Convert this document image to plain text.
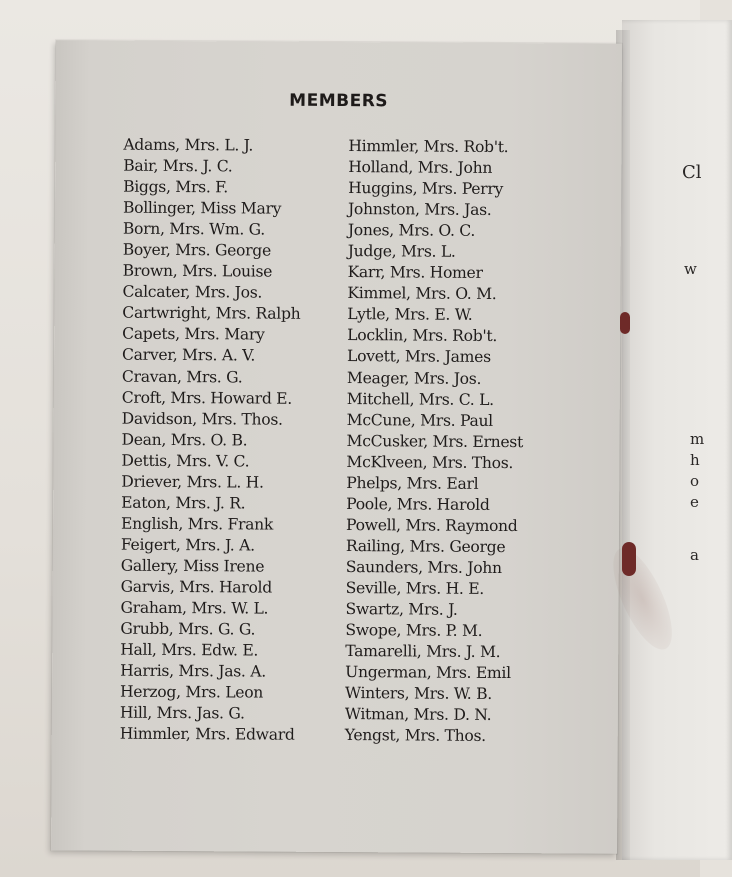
Cl
w
m
h
o
e
a
MEMBERS
Adams, Mrs. L. J.
Bair, Mrs. J. C.
Biggs, Mrs. F.
Bollinger, Miss Mary
Born, Mrs. Wm. G.
Boyer, Mrs. George
Brown, Mrs. Louise
Calcater, Mrs. Jos.
Cartwright, Mrs. Ralph
Capets, Mrs. Mary
Carver, Mrs. A. V.
Cravan, Mrs. G.
Croft, Mrs. Howard E.
Davidson, Mrs. Thos.
Dean, Mrs. O. B.
Dettis, Mrs. V. C.
Driever, Mrs. L. H.
Eaton, Mrs. J. R.
English, Mrs. Frank
Feigert, Mrs. J. A.
Gallery, Miss Irene
Garvis, Mrs. Harold
Graham, Mrs. W. L.
Grubb, Mrs. G. G.
Hall, Mrs. Edw. E.
Harris, Mrs. Jas. A.
Herzog, Mrs. Leon
Hill, Mrs. Jas. G.
Himmler, Mrs. Edward
Himmler, Mrs. Rob't.
Holland, Mrs. John
Huggins, Mrs. Perry
Johnston, Mrs. Jas.
Jones, Mrs. O. C.
Judge, Mrs. L.
Karr, Mrs. Homer
Kimmel, Mrs. O. M.
Lytle, Mrs. E. W.
Locklin, Mrs. Rob't.
Lovett, Mrs. James
Meager, Mrs. Jos.
Mitchell, Mrs. C. L.
McCune, Mrs. Paul
McCusker, Mrs. Ernest
McKlveen, Mrs. Thos.
Phelps, Mrs. Earl
Poole, Mrs. Harold
Powell, Mrs. Raymond
Railing, Mrs. George
Saunders, Mrs. John
Seville, Mrs. H. E.
Swartz, Mrs. J.
Swope, Mrs. P. M.
Tamarelli, Mrs. J. M.
Ungerman, Mrs. Emil
Winters, Mrs. W. B.
Witman, Mrs. D. N.
Yengst, Mrs. Thos.
